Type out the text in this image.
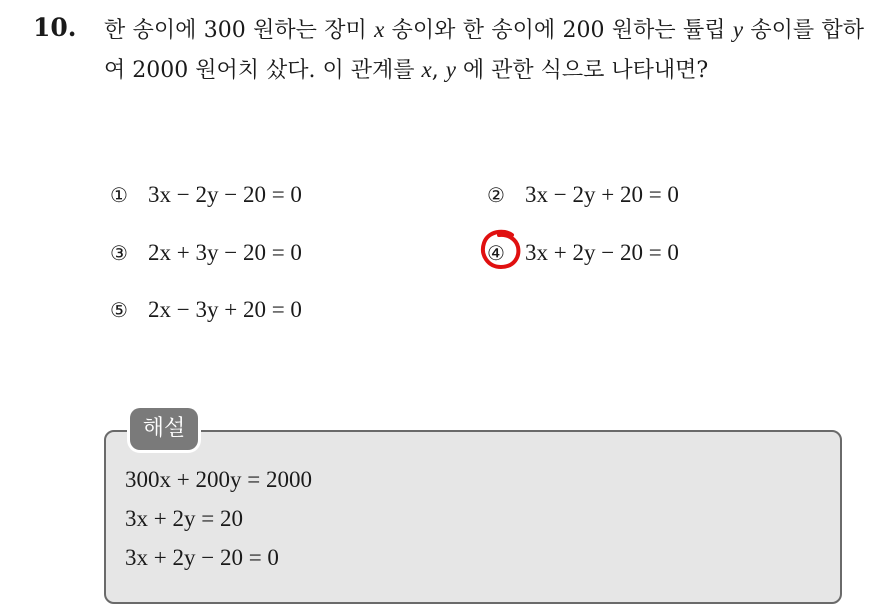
10. 한 송이에 300 원하는 장미 x 송이와 한 송이에 200 원하는 튤립 y 송이를 합하여 2000 원어치 샀다. 이 관계를 x, y 에 관한 식으로 나타내면?
① 3x − 2y − 20 = 0	② 3x − 2y + 20 = 0
③ 2x + 3y − 20 = 0	④ 3x + 2y − 20 = 0
⑤ 2x − 3y + 20 = 0
해설
300x + 200y = 2000
3x + 2y = 20
3x + 2y − 20 = 0
